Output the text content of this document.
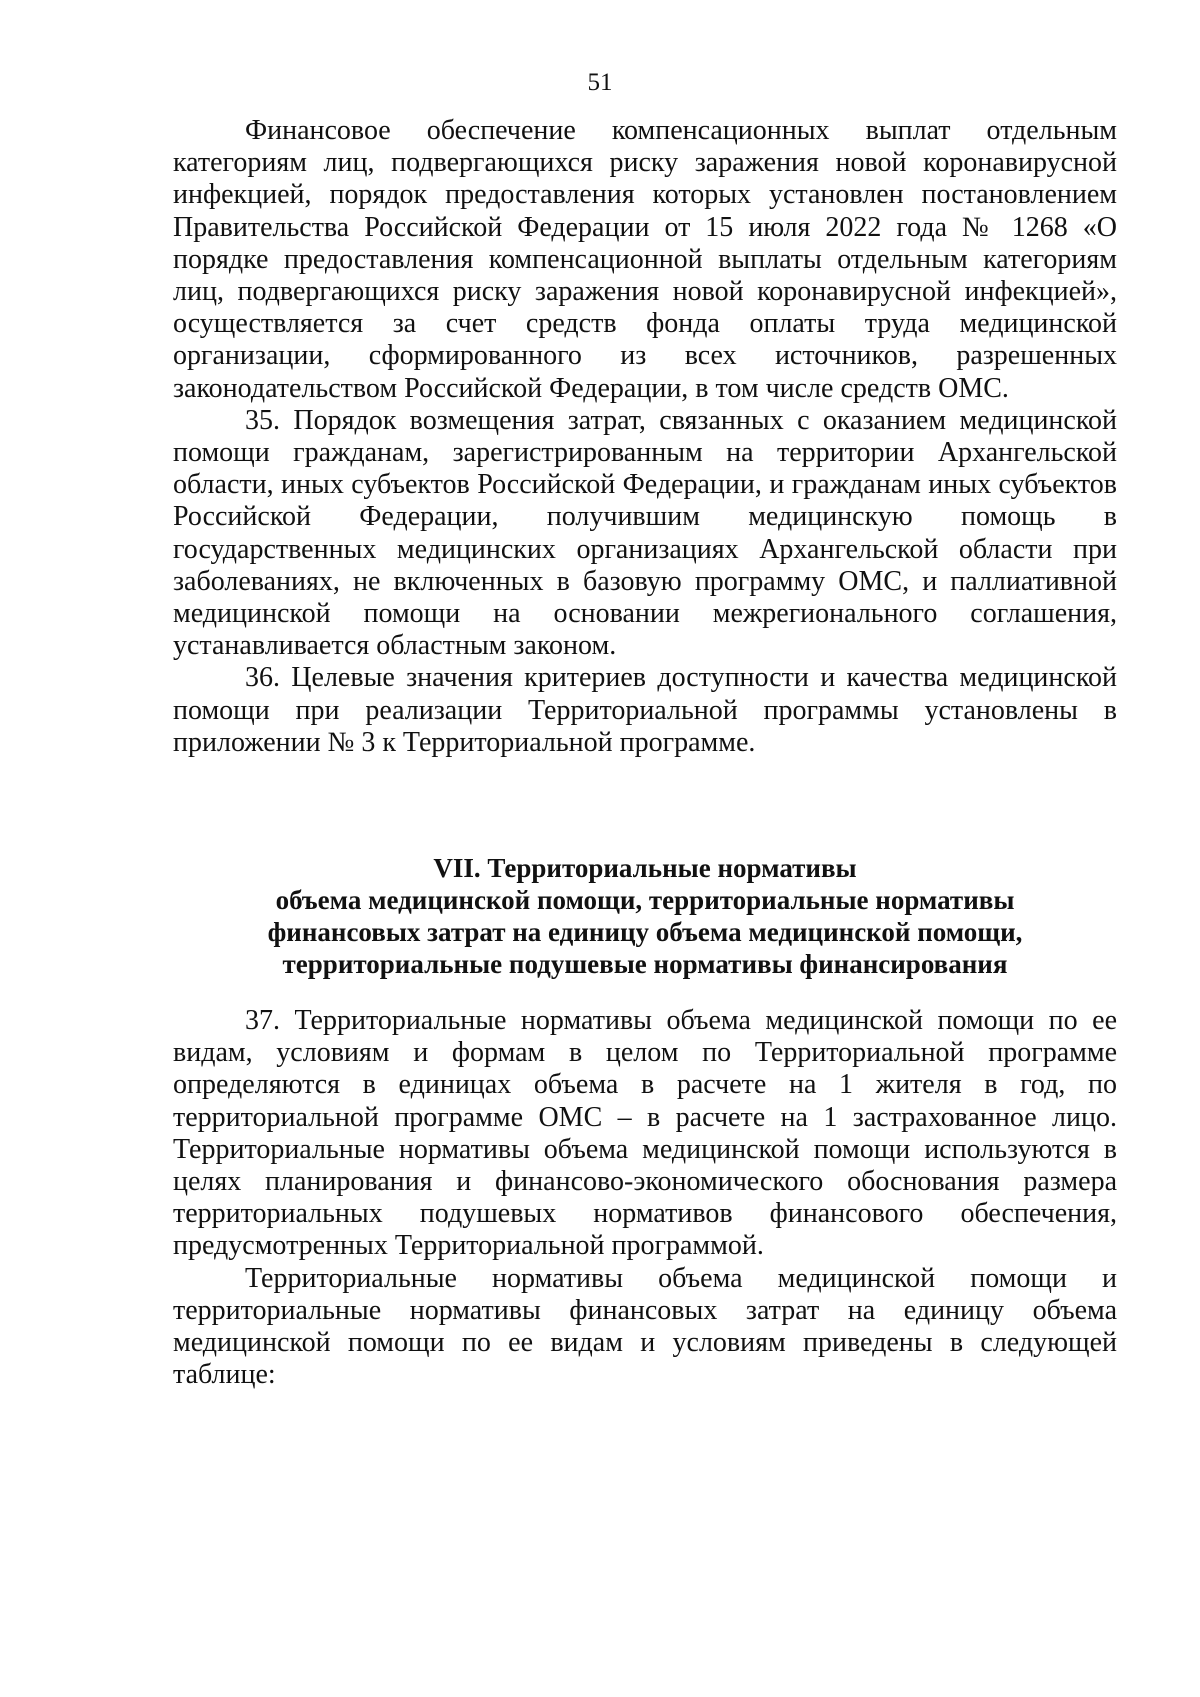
51

Финансовое обеспечение компенсационных выплат отдельным категориям лиц, подвергающихся риску заражения новой коронавирусной инфекцией, порядок предоставления которых установлен постановлением Правительства Российской Федерации от 15 июля 2022 года № 1268 «О порядке предоставления компенсационной выплаты отдельным категориям лиц, подвергающихся риску заражения новой коронавирусной инфекцией», осуществляется за счет средств фонда оплаты труда медицинской организации, сформированного из всех источников, разрешенных законодательством Российской Федерации, в том числе средств ОМС.

35. Порядок возмещения затрат, связанных с оказанием медицинской помощи гражданам, зарегистрированным на территории Архангельской области, иных субъектов Российской Федерации, и гражданам иных субъектов Российской Федерации, получившим медицинскую помощь в государственных медицинских организациях Архангельской области при заболеваниях, не включенных в базовую программу ОМС, и паллиативной медицинской помощи на основании межрегионального соглашения, устанавливается областным законом.

36. Целевые значения критериев доступности и качества медицинской помощи при реализации Территориальной программы установлены в приложении № 3 к Территориальной программе.

VII. Территориальные нормативы
объема медицинской помощи, территориальные нормативы
финансовых затрат на единицу объема медицинской помощи,
территориальные подушевые нормативы финансирования

37. Территориальные нормативы объема медицинской помощи по ее видам, условиям и формам в целом по Территориальной программе определяются в единицах объема в расчете на 1 жителя в год, по территориальной программе ОМС – в расчете на 1 застрахованное лицо. Территориальные нормативы объема медицинской помощи используются в целях планирования и финансово-экономического обоснования размера территориальных подушевых нормативов финансового обеспечения, предусмотренных Территориальной программой.

Территориальные нормативы объема медицинской помощи и территориальные нормативы финансовых затрат на единицу объема медицинской помощи по ее видам и условиям приведены в следующей таблице:
